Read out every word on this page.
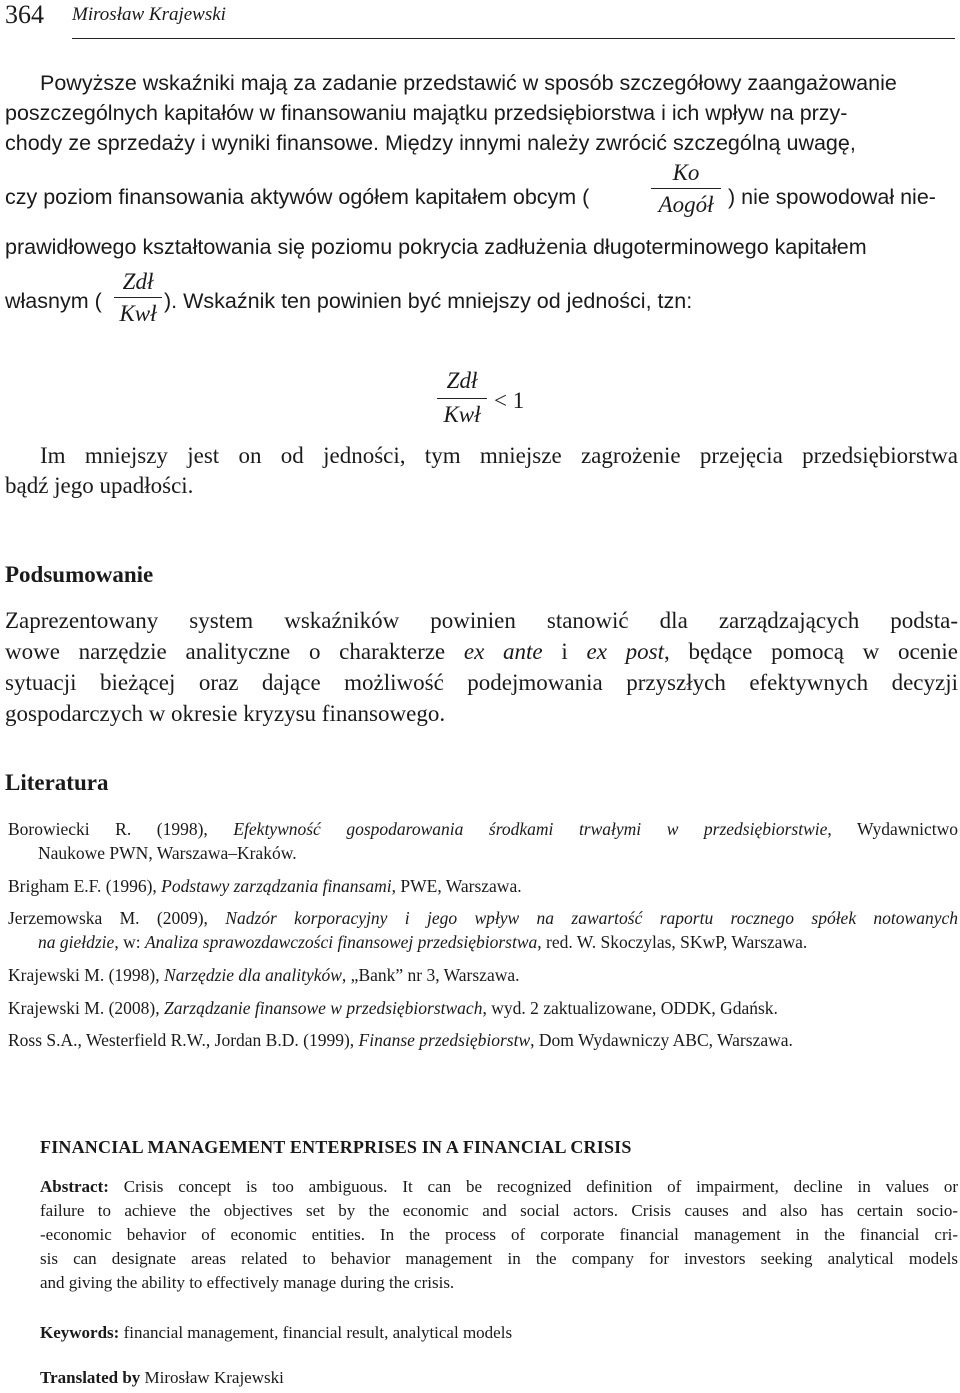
364 Mirosław Krajewski
Powyższe wskaźniki mają za zadanie przedstawić w sposób szczegółowy zaangażowanie
poszczególnych kapitałów w finansowaniu majątku przedsiębiorstwa i ich wpływ na przy-
chody ze sprzedaży i wyniki finansowe. Między innymi należy zwrócić szczególną uwagę,
czy poziom finansowania aktywów ogółem kapitałem obcym (
Ko
Aogół ) nie spowodował nie-
prawidłowego kształtowania się poziomu pokrycia zadłużenia długoterminowego kapitałem
własnym (
Zdł
Kwł ). Wskaźnik ten powinien być mniejszy od jedności, tzn:
Zdł
Kwł
< 1
Im mniejszy jest on od jedności, tym mniejsze zagrożenie przejęcia przedsiębiorstwa
bądź jego upadłości.
Podsumowanie
Zaprezentowany system wskaźników powinien stanowić dla zarządzających podsta-
wowe narzędzie analityczne o charakterze ex ante i ex post, będące pomocą w ocenie
sytuacji bieżącej oraz dające możliwość podejmowania przyszłych efektywnych decyzji
gospodarczych w okresie kryzysu finansowego.
Literatura
Borowiecki R. (1998), Efektywność gospodarowania środkami trwałymi w przedsiębiorstwie, Wydawnictwo
Naukowe PWN, Warszawa–Kraków.
Brigham E.F. (1996), Podstawy zarządzania finansami, PWE, Warszawa.
Jerzemowska M. (2009), Nadzór korporacyjny i jego wpływ na zawartość raportu rocznego spółek notowanych
na giełdzie, w: Analiza sprawozdawczości finansowej przedsiębiorstwa, red. W. Skoczylas, SKwP, Warszawa.
Krajewski M. (1998), Narzędzie dla analityków, „Bank” nr 3, Warszawa.
Krajewski M. (2008), Zarządzanie finansowe w przedsiębiorstwach, wyd. 2 zaktualizowane, ODDK, Gdańsk.
Ross S.A., Westerfield R.W., Jordan B.D. (1999), Finanse przedsiębiorstw, Dom Wydawniczy ABC, Warszawa.
FINANCIAL MANAGEMENT ENTERPRISES IN A FINANCIAL CRISIS
Abstract: Crisis concept is too ambiguous. It can be recognized definition of impairment, decline in values or
failure to achieve the objectives set by the economic and social actors. Crisis causes and also has certain socio-
-economic behavior of economic entities. In the process of corporate financial management in the financial cri-
sis can designate areas related to behavior management in the company for investors seeking analytical models
and giving the ability to effectively manage during the crisis.
Keywords: financial management, financial result, analytical models
Translated by Mirosław Krajewski
